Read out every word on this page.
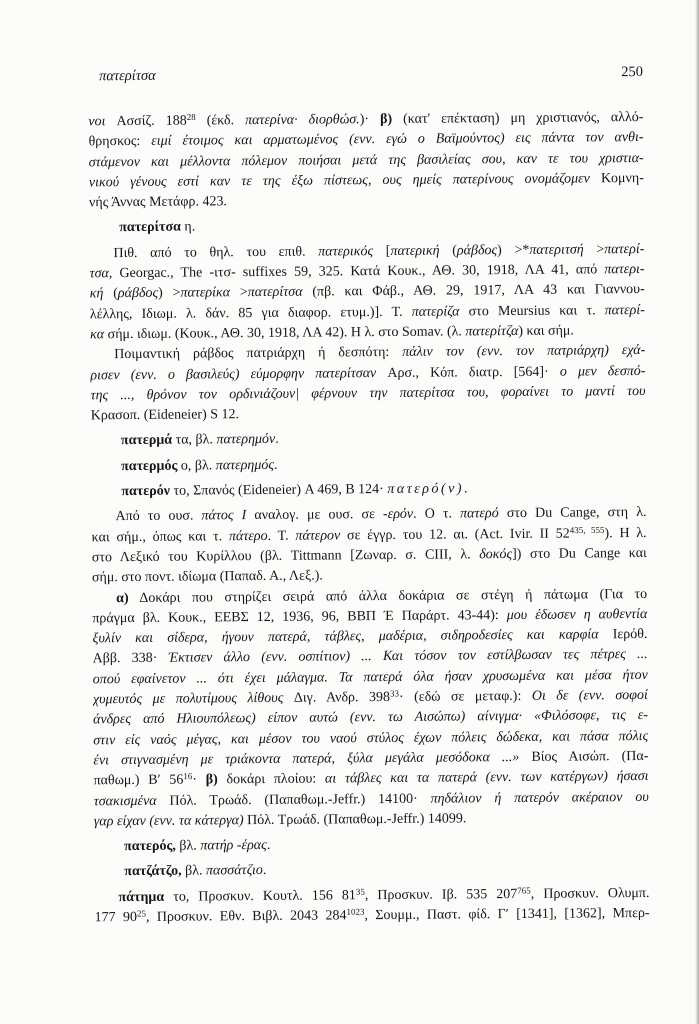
πατερίτσα	250
νοι Ασσίζ. $188^{28}$ (έκδ. πατερίνα· διορθώσ.)· β) (κατ' επέκταση) μη χριστιανός, αλλό-
θρησκος: ειμί έτοιμος και αρματωμένος (ενν. εγώ ο Βαϊμούντος) εις πάντα τον ανθι-
στάμενον και μέλλοντα πόλεμον ποιήσαι μετά της βασιλείας σου, καν τε του χριστια-
νικού γένους εστί καν τε της έξω πίστεως, ους ημείς πατερίνους ονομάζομεν Κομνη-
νής Άννας Μετάφρ. 423.
πατερίτσα η.
Πιθ. από το θηλ. του επιθ. πατερικός [πατερική (ράβδος) >*πατεριτσή >πατερί-
τσα, Georgac., The -ιτσ- suffixes 59, 325. Κατά Κουκ., ΑΘ. 30, 1918, ΛΑ 41, από πατερι-
κή (ράβδος) >πατερίκα >πατερίτσα (πβ. και Φάβ., ΑΘ. 29, 1917, ΛΑ 43 και Γιαννου-
λέλλης, Ιδιωμ. λ. δάν. 85 για διαφορ. ετυμ.)]. Τ. πατερίζα στο Meursius και τ. πατερί-
κα σήμ. ιδιωμ. (Κουκ., ΑΘ. 30, 1918, ΛΑ 42). Η λ. στο Somav. (λ. πατερίτζα) και σήμ.
Ποιμαντική ράβδος πατριάρχη ή δεσπότη: πάλιν τον (ενν. τον πατριάρχη) εχά-
ρισεν (ενν. ο βασιλεύς) εύμορφην πατερίτσαν Αρσ., Κόπ. διατρ. [564]· ο μεν δεσπό-
της ..., θρόνον τον ορδινιάζουν| φέρνουν την πατερίτσα του, φοραίνει το μαντί του
Κρασοπ. (Eideneier) S 12.
πατερμά τα, βλ. πατερημόν.
πατερμός ο, βλ. πατερημός.
πατερόν το, Σπανός (Eideneier) A 469, B 124· πατερό(ν).
Από το ουσ. πάτος Ι αναλογ. με ουσ. σε -ερόν. Ο τ. πατερό στο Du Cange, στη λ.
και σήμ., όπως και τ. πάτερο. Τ. πάτερον σε έγγρ. του 12. αι. (Act. Ivir. II 52$^{435, 555}$). Η λ.
στο Λεξικό του Κυρίλλου (βλ. Tittmann [Ζωναρ. σ. CIII, λ. δοκός]) στο Du Cange και
σήμ. στο ποντ. ιδίωμα (Παπαδ. Α., Λεξ.).
α) Δοκάρι που στηρίζει σειρά από άλλα δοκάρια σε στέγη ή πάτωμα (Για το
πράγμα βλ. Κουκ., ΕΕΒΣ 12, 1936, 96, ΒΒΠ Έ Παράρτ. 43-44): μου έδωσεν η αυθεντία
ξυλίν και σίδερα, ήγουν πατερά, τάβλες, μαδέρια, σιδηροδεσίες και καρφία Ιερόθ.
Αββ. 338· Έκτισεν άλλο (ενν. οσπίτιον) ... Και τόσον τον εστίλβωσαν τες πέτρες ...
οπού εφαίνετον ... ότι έχει μάλαγμα. Τα πατερά όλα ήσαν χρυσωμένα και μέσα ήτον
χυμευτός με πολυτίμους λίθους Διγ. Ανδρ. $398^{33}\cdot (\varepsilon\delta ώ$ σε μεταφ.): Οι δε (ενν. σοφοί
άνδρες από Ηλιουπόλεως) είπον αυτώ (ενν. τω Αισώπω) αίνιγμα· «Φιλόσοφε, τις ε-
στιν είς ναός μέγας, και μέσον του ναού στύλος έχων πόλεις δώδεκα, και πάσα πόλις
ένι στιγνασμένη με τριάκοντα πατερά, ξύλα μεγάλα μεσόδοκα ...» Βίος Αισώπ. (Πα-
παθωμ.) Β′ $56^{16}\cdot \beta$) δοκάρι πλοίου: αι τάβλες και τα πατερά (ενν. των κατέργων) ήσασι
τσακισμένα Πόλ. Τρωάδ. (Παπαθωμ.-Jeffr.) 14100· πηδάλιον ή πατερόν ακέραιον ου
γαρ είχαν (ενν. τα κάτεργα) Πόλ. Τρωάδ. (Παπαθωμ.-Jeffr.) 14099.
πατερός, βλ. πατήρ -έρας.
πατζάτζο, βλ. πασσάτζιο.
πάτημα το, Προσκυν. Κουτλ. 156 $81^{35}$, Προσκυν. Ιβ. 535 $207^{765}$, Προσκυν. Ολυμπ.
177 $90^{25}$, Προσκυν. Εθν. Βιβλ. 2043 $284^{1023}$, Σουμμ., Παστ. φίδ. Γ′ [1341], [1362], Μπερ-
